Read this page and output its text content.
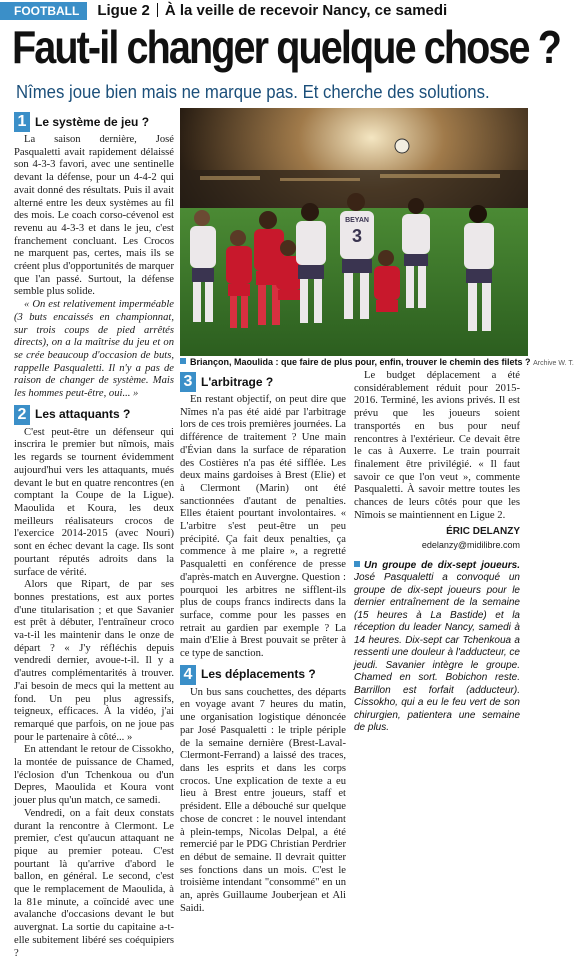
FOOTBALL	Ligue 2 À la veille de recevoir Nancy, ce samedi
Faut-il changer quelque chose ?
Nîmes joue bien mais ne marque pas. Et cherche des solutions.
1 Le système de jeu ?

La saison dernière, José Pasqualetti avait rapidement délaissé son 4-3-3 favori, avec une sentinelle devant la défense, pour un 4-4-2 qui avait donné des résultats. Puis il avait alterné entre les deux systèmes au fil des mois. Le coach corso-cévenol est revenu au 4-3-3 et dans le jeu, c'est franchement concluant. Les Crocos ne marquent pas, certes, mais ils se créent plus d'opportunités de marquer que l'an passé. Surtout, la défense semble plus solide.

« On est relativement imperméable (3 buts encaissés en championnat, sur trois coups de pied arrêtés directs), on a la maîtrise du jeu et on se crée beaucoup d'occasion de buts, rappelle Pasqualetti. Il n'y a pas de raison de changer de système. Mais les hommes peut-être, oui... »

2 Les attaquants ?

C'est peut-être un défenseur qui inscrira le premier but nîmois, mais les regards se tournent évidemment aujourd'hui vers les attaquants, mués devant le but en quatre rencontres (en comptant la Coupe de la Ligue). Maoulida et Koura, les deux meilleurs réalisateurs crocos de l'exercice 2014-2015 (avec Nouri) sont en échec devant la cage. Ils sont pourtant réputés adroits dans la surface de vérité.

Alors que Ripart, de par ses bonnes prestations, est aux portes d'une titularisation ; et que Savanier est prêt à débuter, l'entraîneur croco va-t-il les maintenir dans le onze de départ ? « J'y réfléchis depuis vendredi dernier, avoue-t-il. Il y a d'autres complémentarités à trouver. J'ai besoin de mecs qui la mettent au fond. Un peu plus agressifs, teigneux, efficaces. À la vidéo, j'ai remarqué que parfois, on ne joue pas pour le partenaire à côté... »

En attendant le retour de Cissokho, la montée de puissance de Chamed, l'éclosion d'un Tchenkoua ou d'un Depres, Maoulida et Koura vont jouer plus qu'un match, ce samedi.

Vendredi, on a fait deux constats durant la rencontre à Clermont. Le premier, c'est qu'aucun attaquant ne pique au premier poteau. C'est pourtant là qu'arrive d'abord le ballon, en général. Le second, c'est que le remplacement de Maoulida, à la 81e minute, a coïncidé avec une avalanche d'occasions devant le but auvergnat. La sortie du capitaine a-t-elle subitement libéré ses coéquipiers ?

BEYAN
3
Briançon, Maoulida : que faire de plus pour, enfin, trouver le chemin des filets ? Archive W. T.
3 L'arbitrage ?

En restant objectif, on peut dire que Nîmes n'a pas été aidé par l'arbitrage lors de ces trois premières journées. La différence de traitement ? Une main d'Évian dans la surface de réparation des Costières n'a pas été sifflée. Les deux mains gardoises à Brest (Elie) et à Clermont (Marin) ont été sanctionnées d'autant de penalties. Elles étaient pourtant involontaires. « L'arbitre s'est peut-être un peu précipité. Ça fait deux penalties, ça commence à me plaire », a regretté Pasqualetti en conférence de presse d'après-match en Auvergne. Question : pourquoi les arbitres ne sifflent-ils plus de coups francs indirects dans la surface, comme pour les passes en retrait au gardien par exemple ? La main d'Elie à Brest pouvait se prêter à ce type de sanction.

4 Les déplacements ?

Un bus sans couchettes, des départs en voyage avant 7 heures du matin, une organisation logistique dénoncée par José Pasqualetti : le triple périple de la semaine dernière (Brest-Laval-Clermont-Ferrand) a laissé des traces, dans les esprits et dans les corps crocos. Une explication de texte a eu lieu à Brest entre joueurs, staff et président. Elle a débouché sur quelque chose de concret : le nouvel intendant à plein-temps, Nicolas Delpal, a été remercié par le PDG Christian Perdrier en début de semaine. Il devrait quitter ses fonctions dans un mois. C'est le troisième intendant "consommé" en un an, après Guillaume Jouberjean et Ali Saidi.

Le budget déplacement a été considérablement réduit pour 2015-2016. Terminé, les avions privés. Il est prévu que les joueurs soient transportés en bus pour neuf rencontres à l'extérieur. Ce devait être le cas à Auxerre. Le train pourrait finalement être privilégié. « Il faut savoir ce que l'on veut », commente Pasqualetti. À savoir mettre toutes les chances de leurs côtés pour que les Nîmois se maintiennent en Ligue 2.

ÉRIC DELANZY
edelanzy@midilibre.com
Un groupe de dix-sept joueurs. José Pasqualetti a convoqué un groupe de dix-sept joueurs pour le dernier entraînement de la semaine (15 heures à La Bastide) et la réception du leader Nancy, samedi à 14 heures. Dix-sept car Tchenkoua a ressenti une douleur à l'adducteur, ce jeudi. Savanier intègre le groupe. Chamed en sort. Bobichon reste. Barrillon est forfait (adducteur). Cissokho, qui a eu le feu vert de son chirurgien, patientera une semaine de plus.
